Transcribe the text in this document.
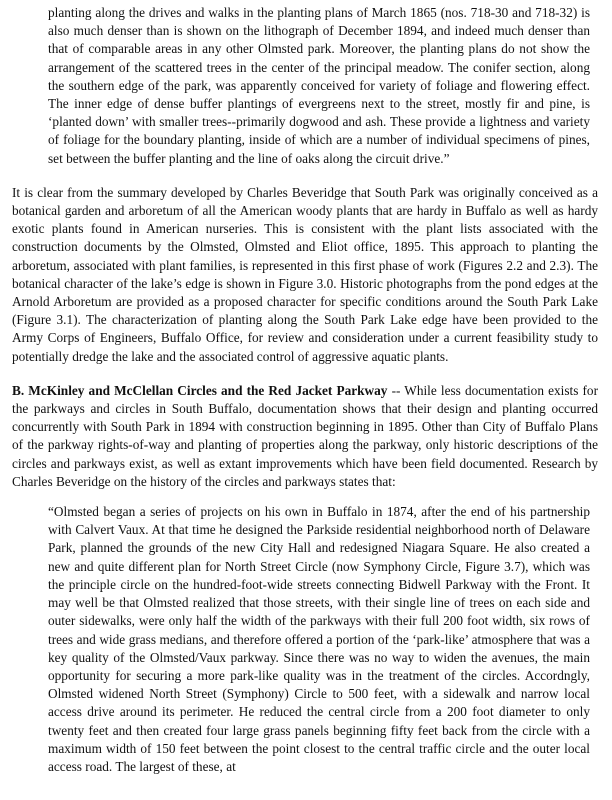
planting along the drives and walks in the planting plans of March 1865 (nos. 718-30 and 718-32) is also much denser than is shown on the lithograph of December 1894, and indeed much denser than that of comparable areas in any other Olmsted park. Moreover, the planting plans do not show the arrangement of the scattered trees in the center of the principal meadow. The conifer section, along the southern edge of the park, was apparently conceived for variety of foliage and flowering effect. The inner edge of dense buffer plantings of evergreens next to the street, mostly fir and pine, is ‘planted down’ with smaller trees--primarily dogwood and ash. These provide a lightness and variety of foliage for the boundary planting, inside of which are a number of individual specimens of pines, set between the buffer planting and the line of oaks along the circuit drive.”

It is clear from the summary developed by Charles Beveridge that South Park was originally conceived as a botanical garden and arboretum of all the American woody plants that are hardy in Buffalo as well as hardy exotic plants found in American nurseries. This is consistent with the plant lists associated with the construction documents by the Olmsted, Olmsted and Eliot office, 1895. This approach to planting the arboretum, associated with plant families, is represented in this first phase of work (Figures 2.2 and 2.3). The botanical character of the lake’s edge is shown in Figure 3.0. Historic photographs from the pond edges at the Arnold Arboretum are provided as a proposed character for specific conditions around the South Park Lake (Figure 3.1). The characterization of planting along the South Park Lake edge have been provided to the Army Corps of Engineers, Buffalo Office, for review and consideration under a current feasibility study to potentially dredge the lake and the associated control of aggressive aquatic plants.

B. McKinley and McClellan Circles and the Red Jacket Parkway -- While less documentation exists for the parkways and circles in South Buffalo, documentation shows that their design and planting occurred concurrently with South Park in 1894 with construction beginning in 1895. Other than City of Buffalo Plans of the parkway rights-of-way and planting of properties along the parkway, only historic descriptions of the circles and parkways exist, as well as extant improvements which have been field documented. Research by Charles Beveridge on the history of the circles and parkways states that:

“Olmsted began a series of projects on his own in Buffalo in 1874, after the end of his partnership with Calvert Vaux. At that time he designed the Parkside residential neighborhood north of Delaware Park, planned the grounds of the new City Hall and redesigned Niagara Square. He also created a new and quite different plan for North Street Circle (now Symphony Circle, Figure 3.7), which was the principle circle on the hundred-foot-wide streets connecting Bidwell Parkway with the Front. It may well be that Olmsted realized that those streets, with their single line of trees on each side and outer sidewalks, were only half the width of the parkways with their full 200 foot width, six rows of trees and wide grass medians, and therefore offered a portion of the ‘park-like’ atmosphere that was a key quality of the Olmsted/Vaux parkway. Since there was no way to widen the avenues, the main opportunity for securing a more park-like quality was in the treatment of the circles. Accordngly, Olmsted widened North Street (Symphony) Circle to 500 feet, with a sidewalk and narrow local access drive around its perimeter. He reduced the central circle from a 200 foot diameter to only twenty feet and then created four large grass panels beginning fifty feet back from the circle with a maximum width of 150 feet between the point closest to the central traffic circle and the outer local access road. The largest of these, at
